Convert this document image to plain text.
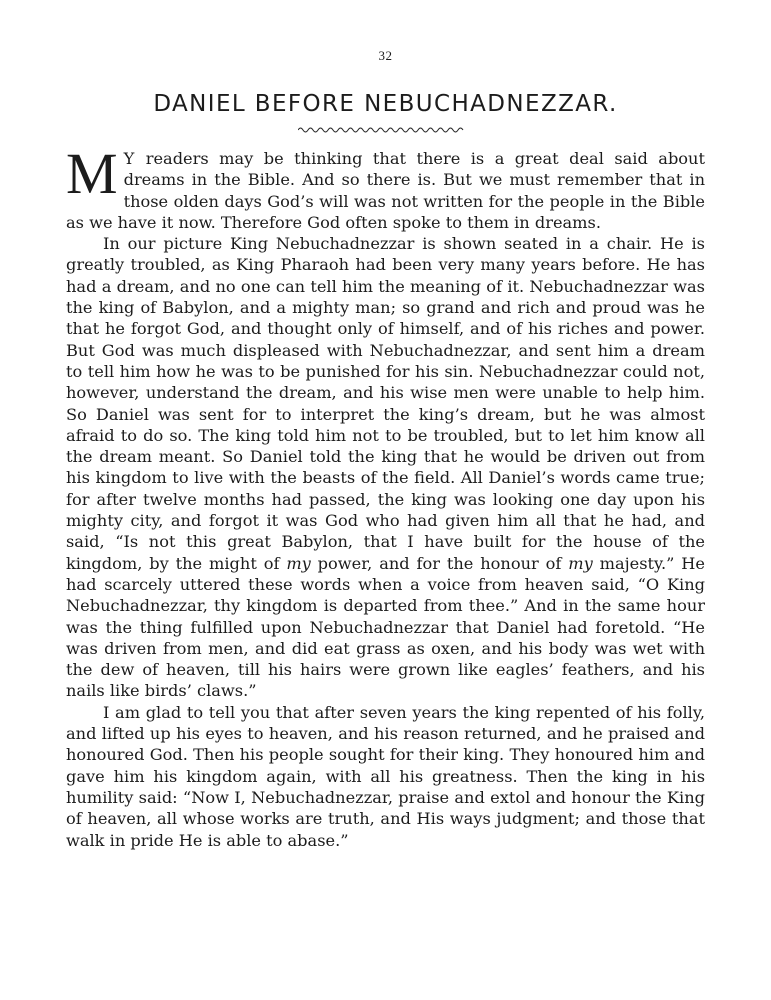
32
DANIEL BEFORE NEBUCHADNEZZAR.

M Y readers may be thinking that there is a great deal said about dreams in the Bible. And so there is. But we must remember that in those olden days God’s will was not written for the people in the Bible as we have it now. Therefore God often spoke to them in dreams.

In our picture King Nebuchadnezzar is shown seated in a chair. He is greatly troubled, as King Pharaoh had been very many years before. He has had a dream, and no one can tell him the meaning of it. Nebuchadnezzar was the king of Babylon, and a mighty man; so grand and rich and proud was he that he forgot God, and thought only of himself, and of his riches and power. But God was much displeased with Nebuchadnezzar, and sent him a dream to tell him how he was to be punished for his sin. Nebuchadnezzar could not, however, understand the dream, and his wise men were unable to help him. So Daniel was sent for to interpret the king’s dream, but he was almost afraid to do so. The king told him not to be troubled, but to let him know all the dream meant. So Daniel told the king that he would be driven out from his kingdom to live with the beasts of the field. All Daniel’s words came true; for after twelve months had passed, the king was looking one day upon his mighty city, and forgot it was God who had given him all that he had, and said, “Is not this great Babylon, that I have built for the house of the kingdom, by the might of my power, and for the honour of my majesty.” He had scarcely uttered these words when a voice from heaven said, “O King Nebuchadnezzar, thy kingdom is departed from thee.” And in the same hour was the thing fulfilled upon Nebuchadnezzar that Daniel had foretold. “He was driven from men, and did eat grass as oxen, and his body was wet with the dew of heaven, till his hairs were grown like eagles’ feathers, and his nails like birds’ claws.”

I am glad to tell you that after seven years the king repented of his folly, and lifted up his eyes to heaven, and his reason returned, and he praised and honoured God. Then his people sought for their king. They honoured him and gave him his kingdom again, with all his greatness. Then the king in his humility said: “Now I, Nebuchadnezzar, praise and extol and honour the King of heaven, all whose works are truth, and His ways judgment; and those that walk in pride He is able to abase.”
